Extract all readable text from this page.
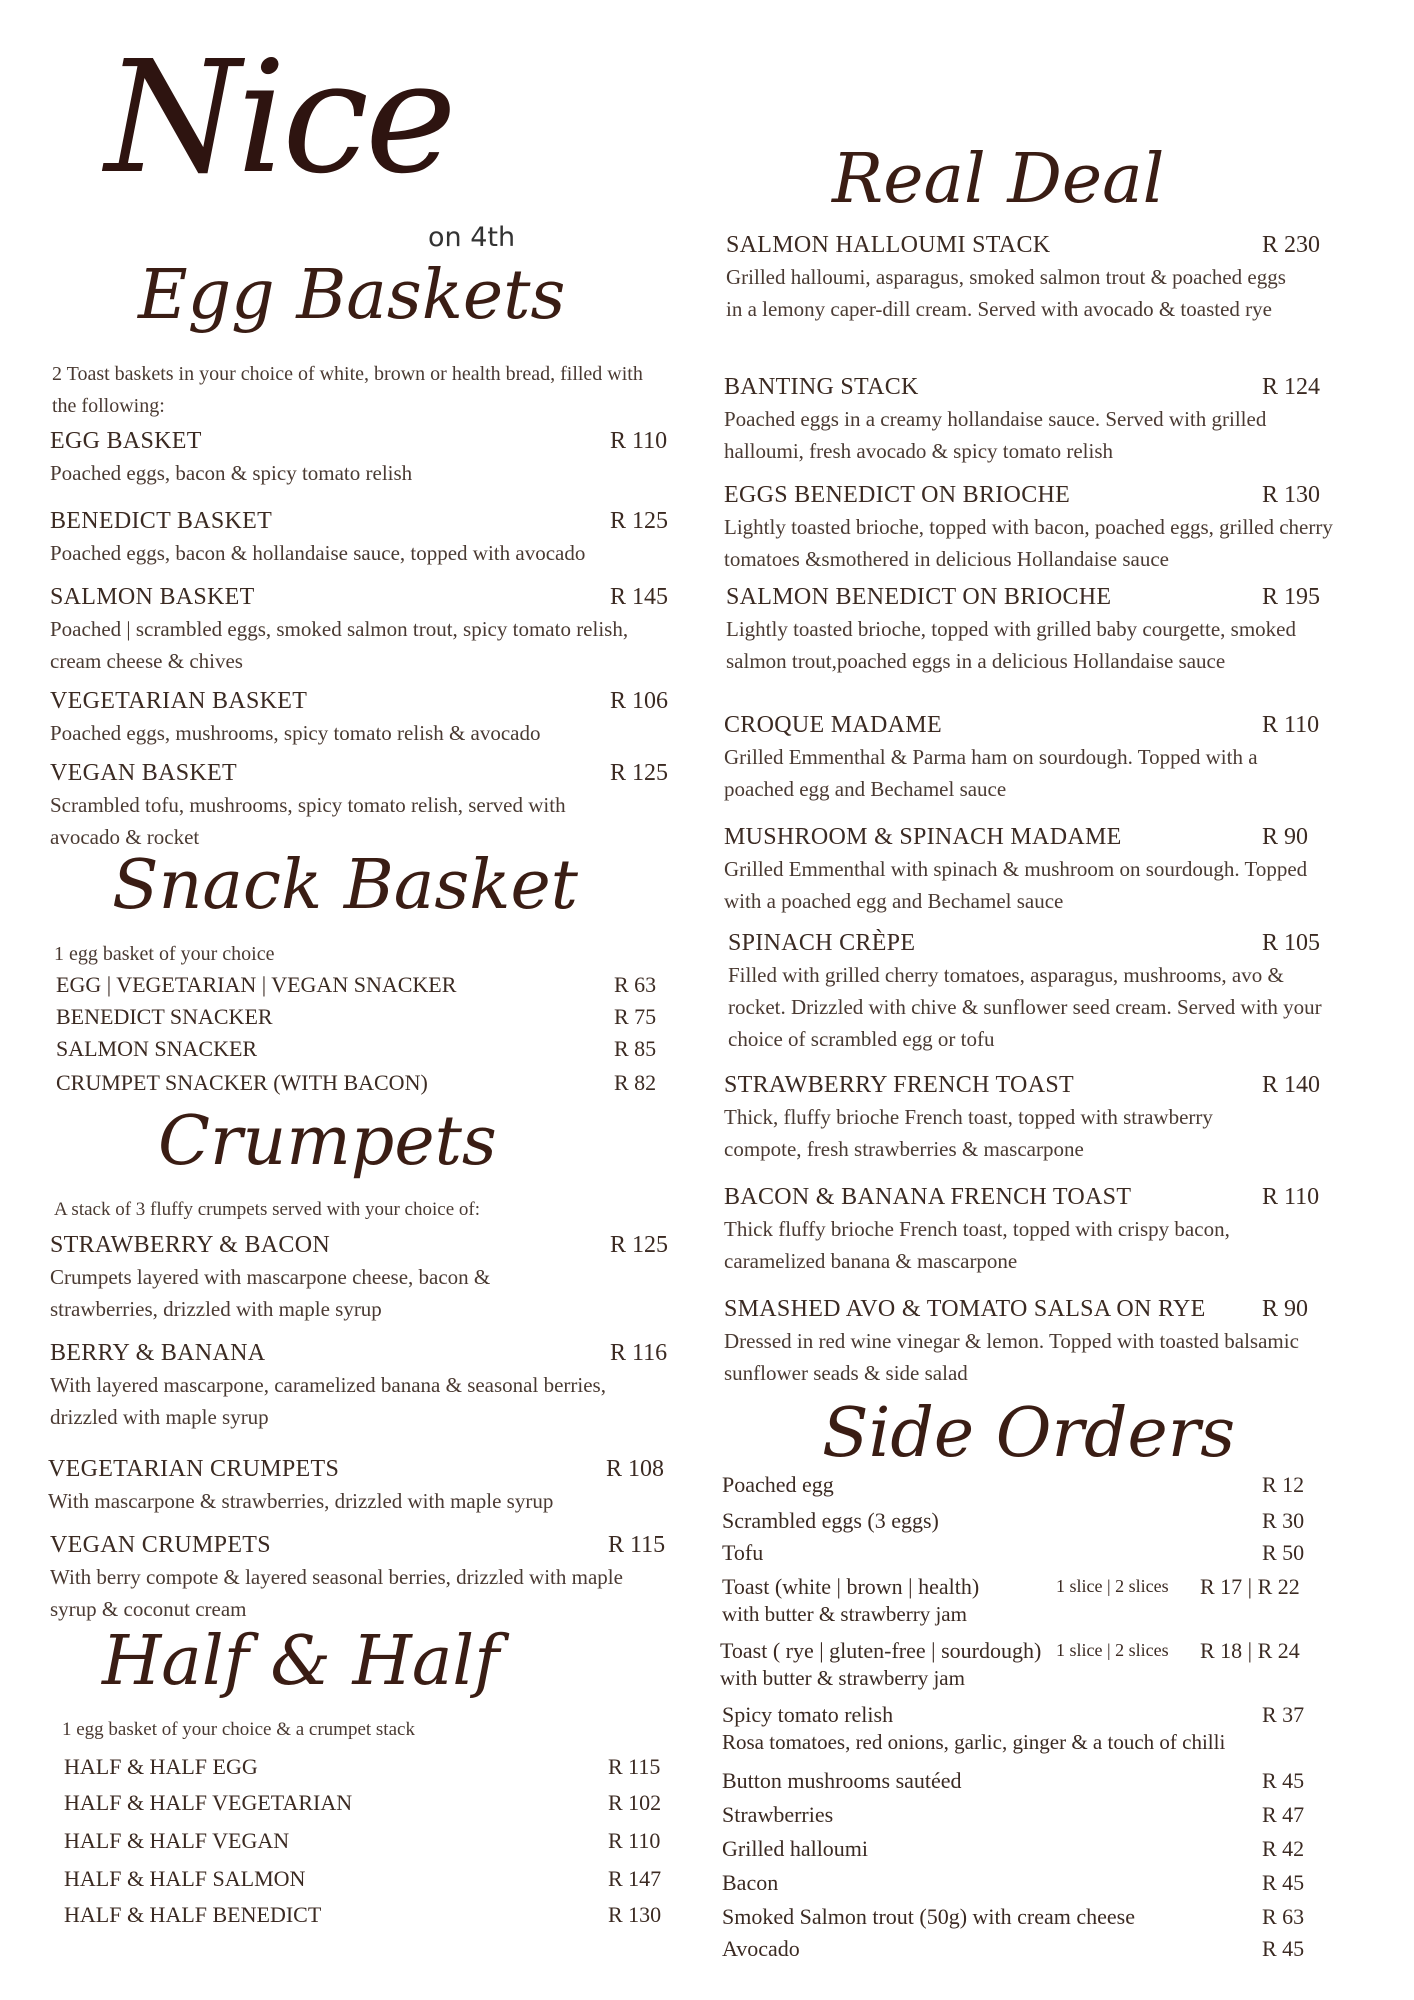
Nice
on 4th
Egg Baskets
2 Toast baskets in your choice of white, brown or health bread, filled with the following:
EGG BASKET	R 110
Poached eggs, bacon & spicy tomato relish
BENEDICT BASKET	R 125
Poached eggs, bacon & hollandaise sauce, topped with avocado
SALMON BASKET	R 145
Poached | scrambled eggs, smoked salmon trout, spicy tomato relish, cream cheese & chives
VEGETARIAN BASKET	R 106
Poached eggs, mushrooms, spicy tomato relish & avocado
VEGAN BASKET	R 125
Scrambled tofu, mushrooms, spicy tomato relish, served with avocado & rocket
Snack Basket
1 egg basket of your choice
EGG | VEGETARIAN | VEGAN SNACKER	R 63
BENEDICT SNACKER	R 75
SALMON SNACKER	R 85
CRUMPET SNACKER (WITH BACON)	R 82
Crumpets
A stack of 3 fluffy crumpets served with your choice of:
STRAWBERRY & BACON	R 125
Crumpets layered with mascarpone cheese, bacon & strawberries, drizzled with maple syrup
BERRY & BANANA	R 116
With layered mascarpone, caramelized banana & seasonal berries, drizzled with maple syrup
VEGETARIAN CRUMPETS	R 108
With mascarpone & strawberries, drizzled with maple syrup
VEGAN CRUMPETS	R 115
With berry compote & layered seasonal berries, drizzled with maple syrup & coconut cream
Half & Half
1 egg basket of your choice & a crumpet stack
HALF & HALF EGG	R 115
HALF & HALF VEGETARIAN	R 102
HALF & HALF VEGAN	R 110
HALF & HALF SALMON	R 147
HALF & HALF BENEDICT	R 130
Real Deal
SALMON HALLOUMI STACK	R 230
Grilled halloumi, asparagus, smoked salmon trout & poached eggs in a lemony caper-dill cream. Served with avocado & toasted rye
BANTING STACK	R 124
Poached eggs in a creamy hollandaise sauce. Served with grilled halloumi, fresh avocado & spicy tomato relish
EGGS BENEDICT ON BRIOCHE	R 130
Lightly toasted brioche, topped with bacon, poached eggs, grilled cherry tomatoes &smothered in delicious Hollandaise sauce
SALMON BENEDICT ON BRIOCHE	R 195
Lightly toasted brioche, topped with grilled baby courgette, smoked salmon trout,poached eggs in a delicious Hollandaise sauce
CROQUE MADAME	R 110
Grilled Emmenthal & Parma ham on sourdough. Topped with a poached egg and Bechamel sauce
MUSHROOM & SPINACH MADAME	R 90
Grilled Emmenthal with spinach & mushroom on sourdough. Topped with a poached egg and Bechamel sauce
SPINACH CRÈPE	R 105
Filled with grilled cherry tomatoes, asparagus, mushrooms, avo & rocket. Drizzled with chive & sunflower seed cream. Served with your choice of scrambled egg or tofu
STRAWBERRY FRENCH TOAST	R 140
Thick, fluffy brioche French toast, topped with strawberry compote, fresh strawberries & mascarpone
BACON & BANANA FRENCH TOAST	R 110
Thick fluffy brioche French toast, topped with crispy bacon, caramelized banana & mascarpone
SMASHED AVO & TOMATO SALSA ON RYE	R 90
Dressed in red wine vinegar & lemon. Topped with toasted balsamic sunflower seads & side salad
Side Orders
Poached egg	R 12
Scrambled eggs (3 eggs)	R 30
Tofu	R 50
Toast (white | brown | health)	1 slice | 2 slices R 17 | R 22
with butter & strawberry jam
Toast ( rye | gluten-free | sourdough) 1 slice | 2 slices R 18 | R 24
with butter & strawberry jam
Spicy tomato relish	R 37
Rosa tomatoes, red onions, garlic, ginger & a touch of chilli
Button mushrooms sautéed	R 45
Strawberries	R 47
Grilled halloumi	R 42
Bacon	R 45
Smoked Salmon trout (50g) with cream cheese	R 63
Avocado	R 45
